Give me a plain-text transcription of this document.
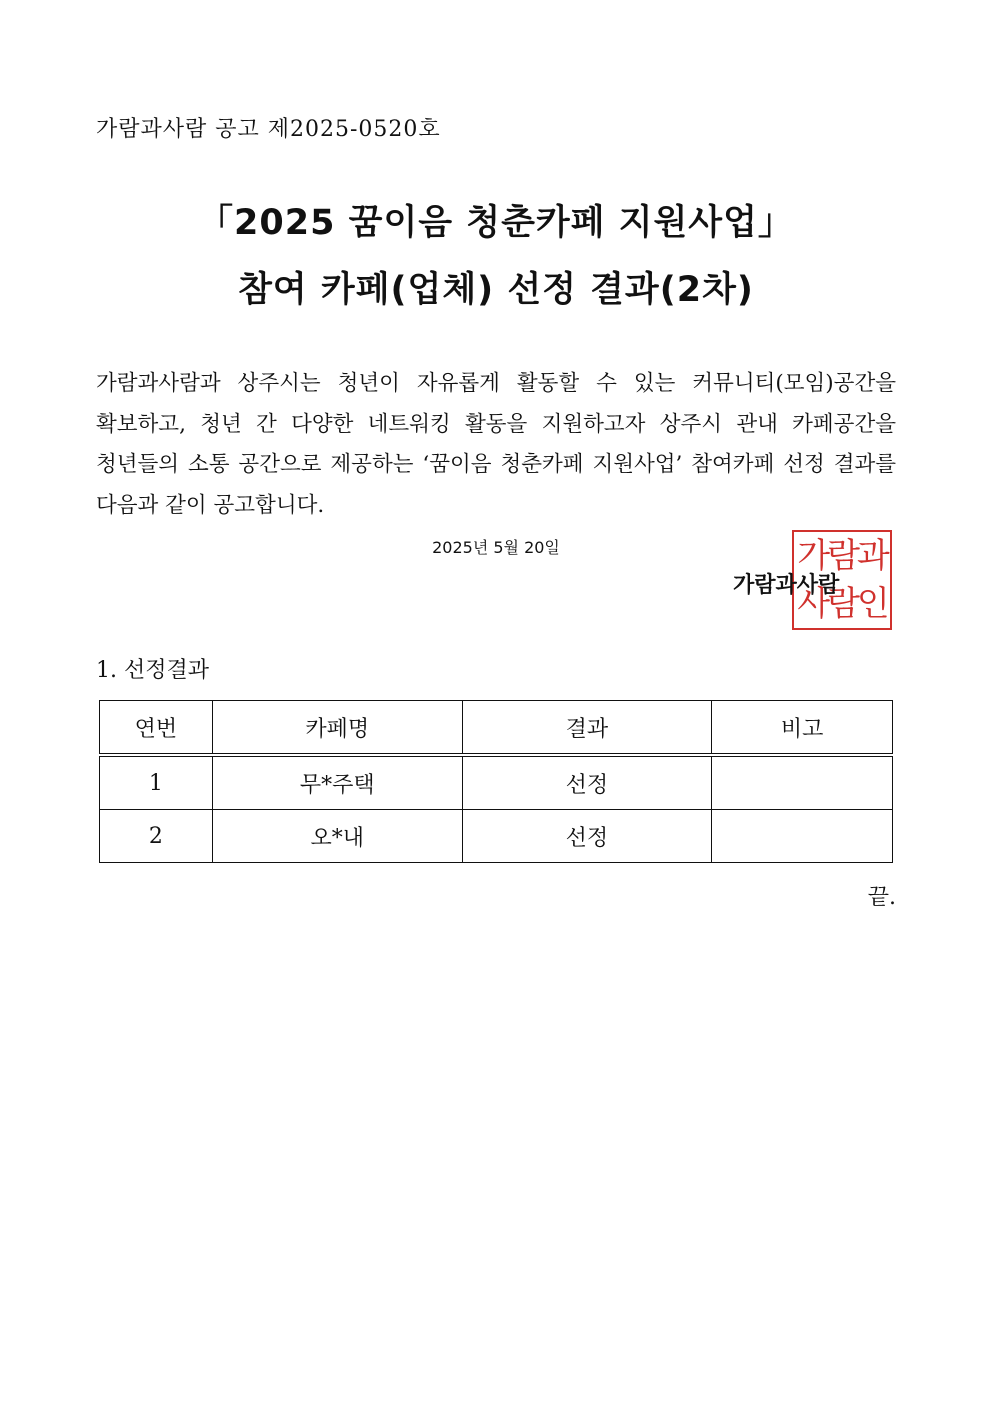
가람과사람 공고 제2025-0520호
「2025 꿈이음 청춘카페 지원사업」
참여 카페(업체) 선정 결과(2차)
가람과사람과 상주시는 청년이 자유롭게 활동할 수 있는 커뮤니티(모임)공간을 확보하고, 청년 간 다양한 네트워킹 활동을 지원하고자 상주시 관내 카페공간을 청년들의 소통 공간으로 제공하는 ‘꿈이음 청춘카페 지원사업’ 참여카페 선정 결과를 다음과 같이 공고합니다.
2025년 5월 20일	가람과
사람인
가람과사람
1. 선정결과
연번	카페명	결과	비고
1	무*주택	선정	
2	오*내	선정	
끝.
